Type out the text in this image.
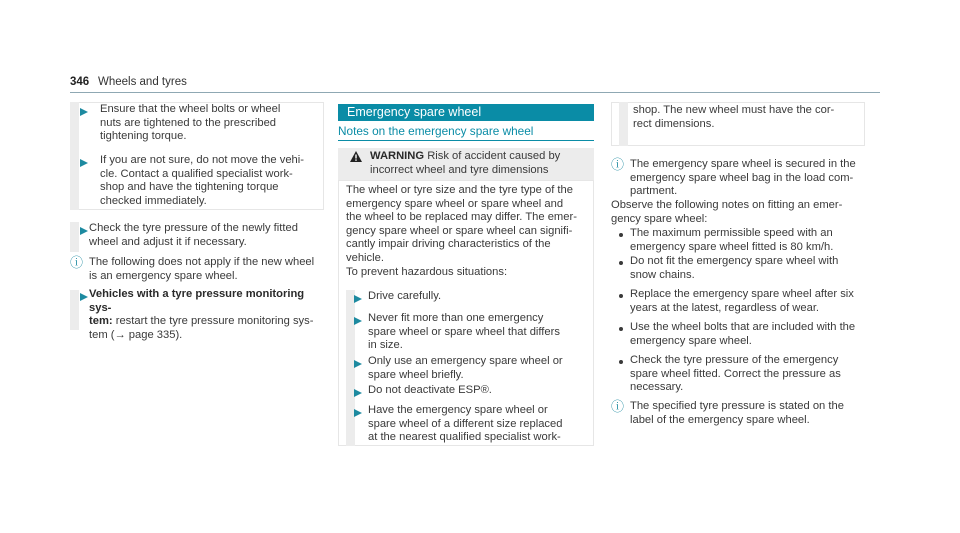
346 Wheels and tyres
Ensure that the wheel bolts or wheel
nuts are tightened to the prescribed
tightening torque.
If you are not sure, do not move the vehi-
cle. Contact a qualified specialist work-
shop and have the tightening torque
checked immediately.
Check the tyre pressure of the newly fitted
wheel and adjust it if necessary.
ⓘ The following does not apply if the new wheel
is an emergency spare wheel.
Vehicles with a tyre pressure monitoring sys-
tem: restart the tyre pressure monitoring sys-
tem (→ page 335).
Emergency spare wheel
Notes on the emergency spare wheel
WARNING Risk of accident caused by
incorrect wheel and tyre dimensions
The wheel or tyre size and the tyre type of the
emergency spare wheel or spare wheel and
the wheel to be replaced may differ. The emer-
gency spare wheel or spare wheel can signifi-
cantly impair driving characteristics of the
vehicle.
To prevent hazardous situations:
Drive carefully.
Never fit more than one emergency
spare wheel or spare wheel that differs
in size.
Only use an emergency spare wheel or
spare wheel briefly.
Do not deactivate ESP®.
Have the emergency spare wheel or
spare wheel of a different size replaced
at the nearest qualified specialist work-
shop. The new wheel must have the cor-
rect dimensions.
ⓘ The emergency spare wheel is secured in the
emergency spare wheel bag in the load com-
partment.
Observe the following notes on fitting an emer-
gency spare wheel:
The maximum permissible speed with an
emergency spare wheel fitted is 80 km/h.
Do not fit the emergency spare wheel with
snow chains.
Replace the emergency spare wheel after six
years at the latest, regardless of wear.
Use the wheel bolts that are included with the
emergency spare wheel.
Check the tyre pressure of the emergency
spare wheel fitted. Correct the pressure as
necessary.
ⓘ The specified tyre pressure is stated on the
label of the emergency spare wheel.
